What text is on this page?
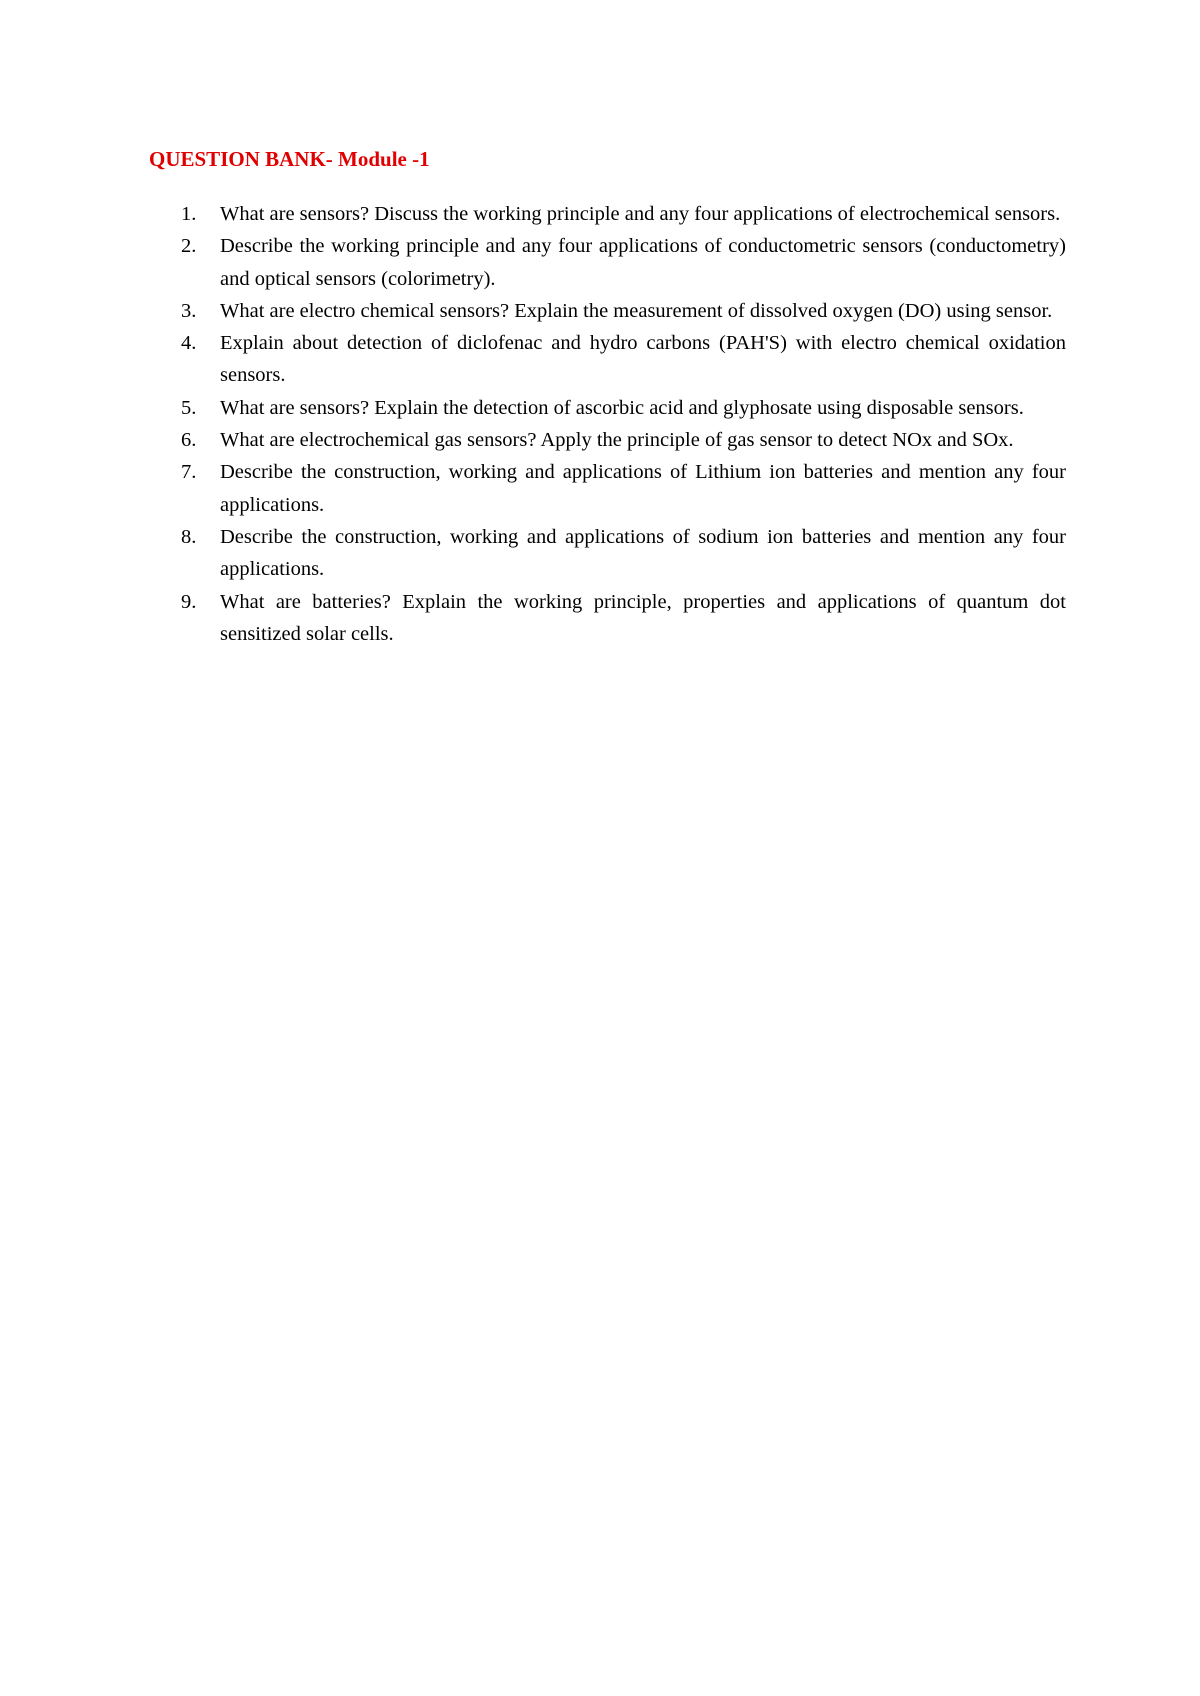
QUESTION BANK- Module -1
1. What are sensors? Discuss the working principle and any four applications of electrochemical sensors.
2. Describe the working principle and any four applications of conductometric sensors (conductometry) and optical sensors (colorimetry).
3. What are electro chemical sensors? Explain the measurement of dissolved oxygen (DO) using sensor.
4. Explain about detection of diclofenac and hydro carbons (PAH'S) with electro chemical oxidation sensors.
5. What are sensors? Explain the detection of ascorbic acid and glyphosate using disposable sensors.
6. What are electrochemical gas sensors? Apply the principle of gas sensor to detect NOx and SOx.
7. Describe the construction, working and applications of Lithium ion batteries and mention any four applications.
8. Describe the construction, working and applications of sodium ion batteries and mention any four applications.
9. What are batteries? Explain the working principle, properties and applications of quantum dot sensitized solar cells.
